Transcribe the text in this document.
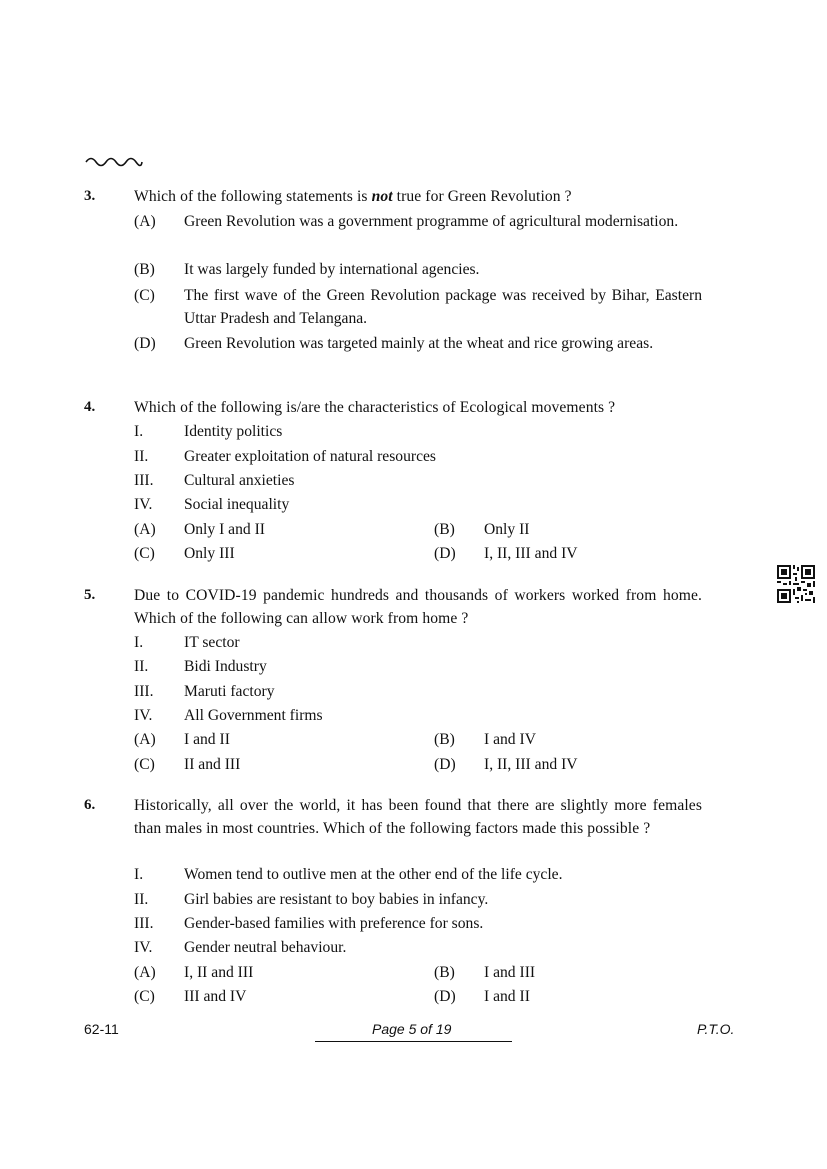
3. Which of the following statements is not true for Green Revolution ?
(A) Green Revolution was a government programme of agricultural modernisation.
(B) It was largely funded by international agencies.
(C) The first wave of the Green Revolution package was received by Bihar, Eastern Uttar Pradesh and Telangana.
(D) Green Revolution was targeted mainly at the wheat and rice growing areas.
4. Which of the following is/are the characteristics of Ecological movements ?
I.	Identity politics
II. Greater exploitation of natural resources
III. Cultural anxieties
IV. Social inequality
(A) Only I and II	(B) Only II
(C) Only III	(D) I, II, III and IV
5. Due to COVID-19 pandemic hundreds and thousands of workers worked from home. Which of the following can allow work from home ?
I.	IT sector
II. Bidi Industry
III. Maruti factory
IV. All Government firms
(A) I and II	(B) I and IV
(C) II and III	(D) I, II, III and IV
6. Historically, all over the world, it has been found that there are slightly more females than males in most countries. Which of the following factors made this possible ?
I.	Women tend to outlive men at the other end of the life cycle.
II. Girl babies are resistant to boy babies in infancy.
III. Gender-based families with preference for sons.
IV. Gender neutral behaviour.
(A) I, II and III	(B) I and III
(C) III and IV	(D) I and II
62-11	Page 5 of 19	P.T.O.
